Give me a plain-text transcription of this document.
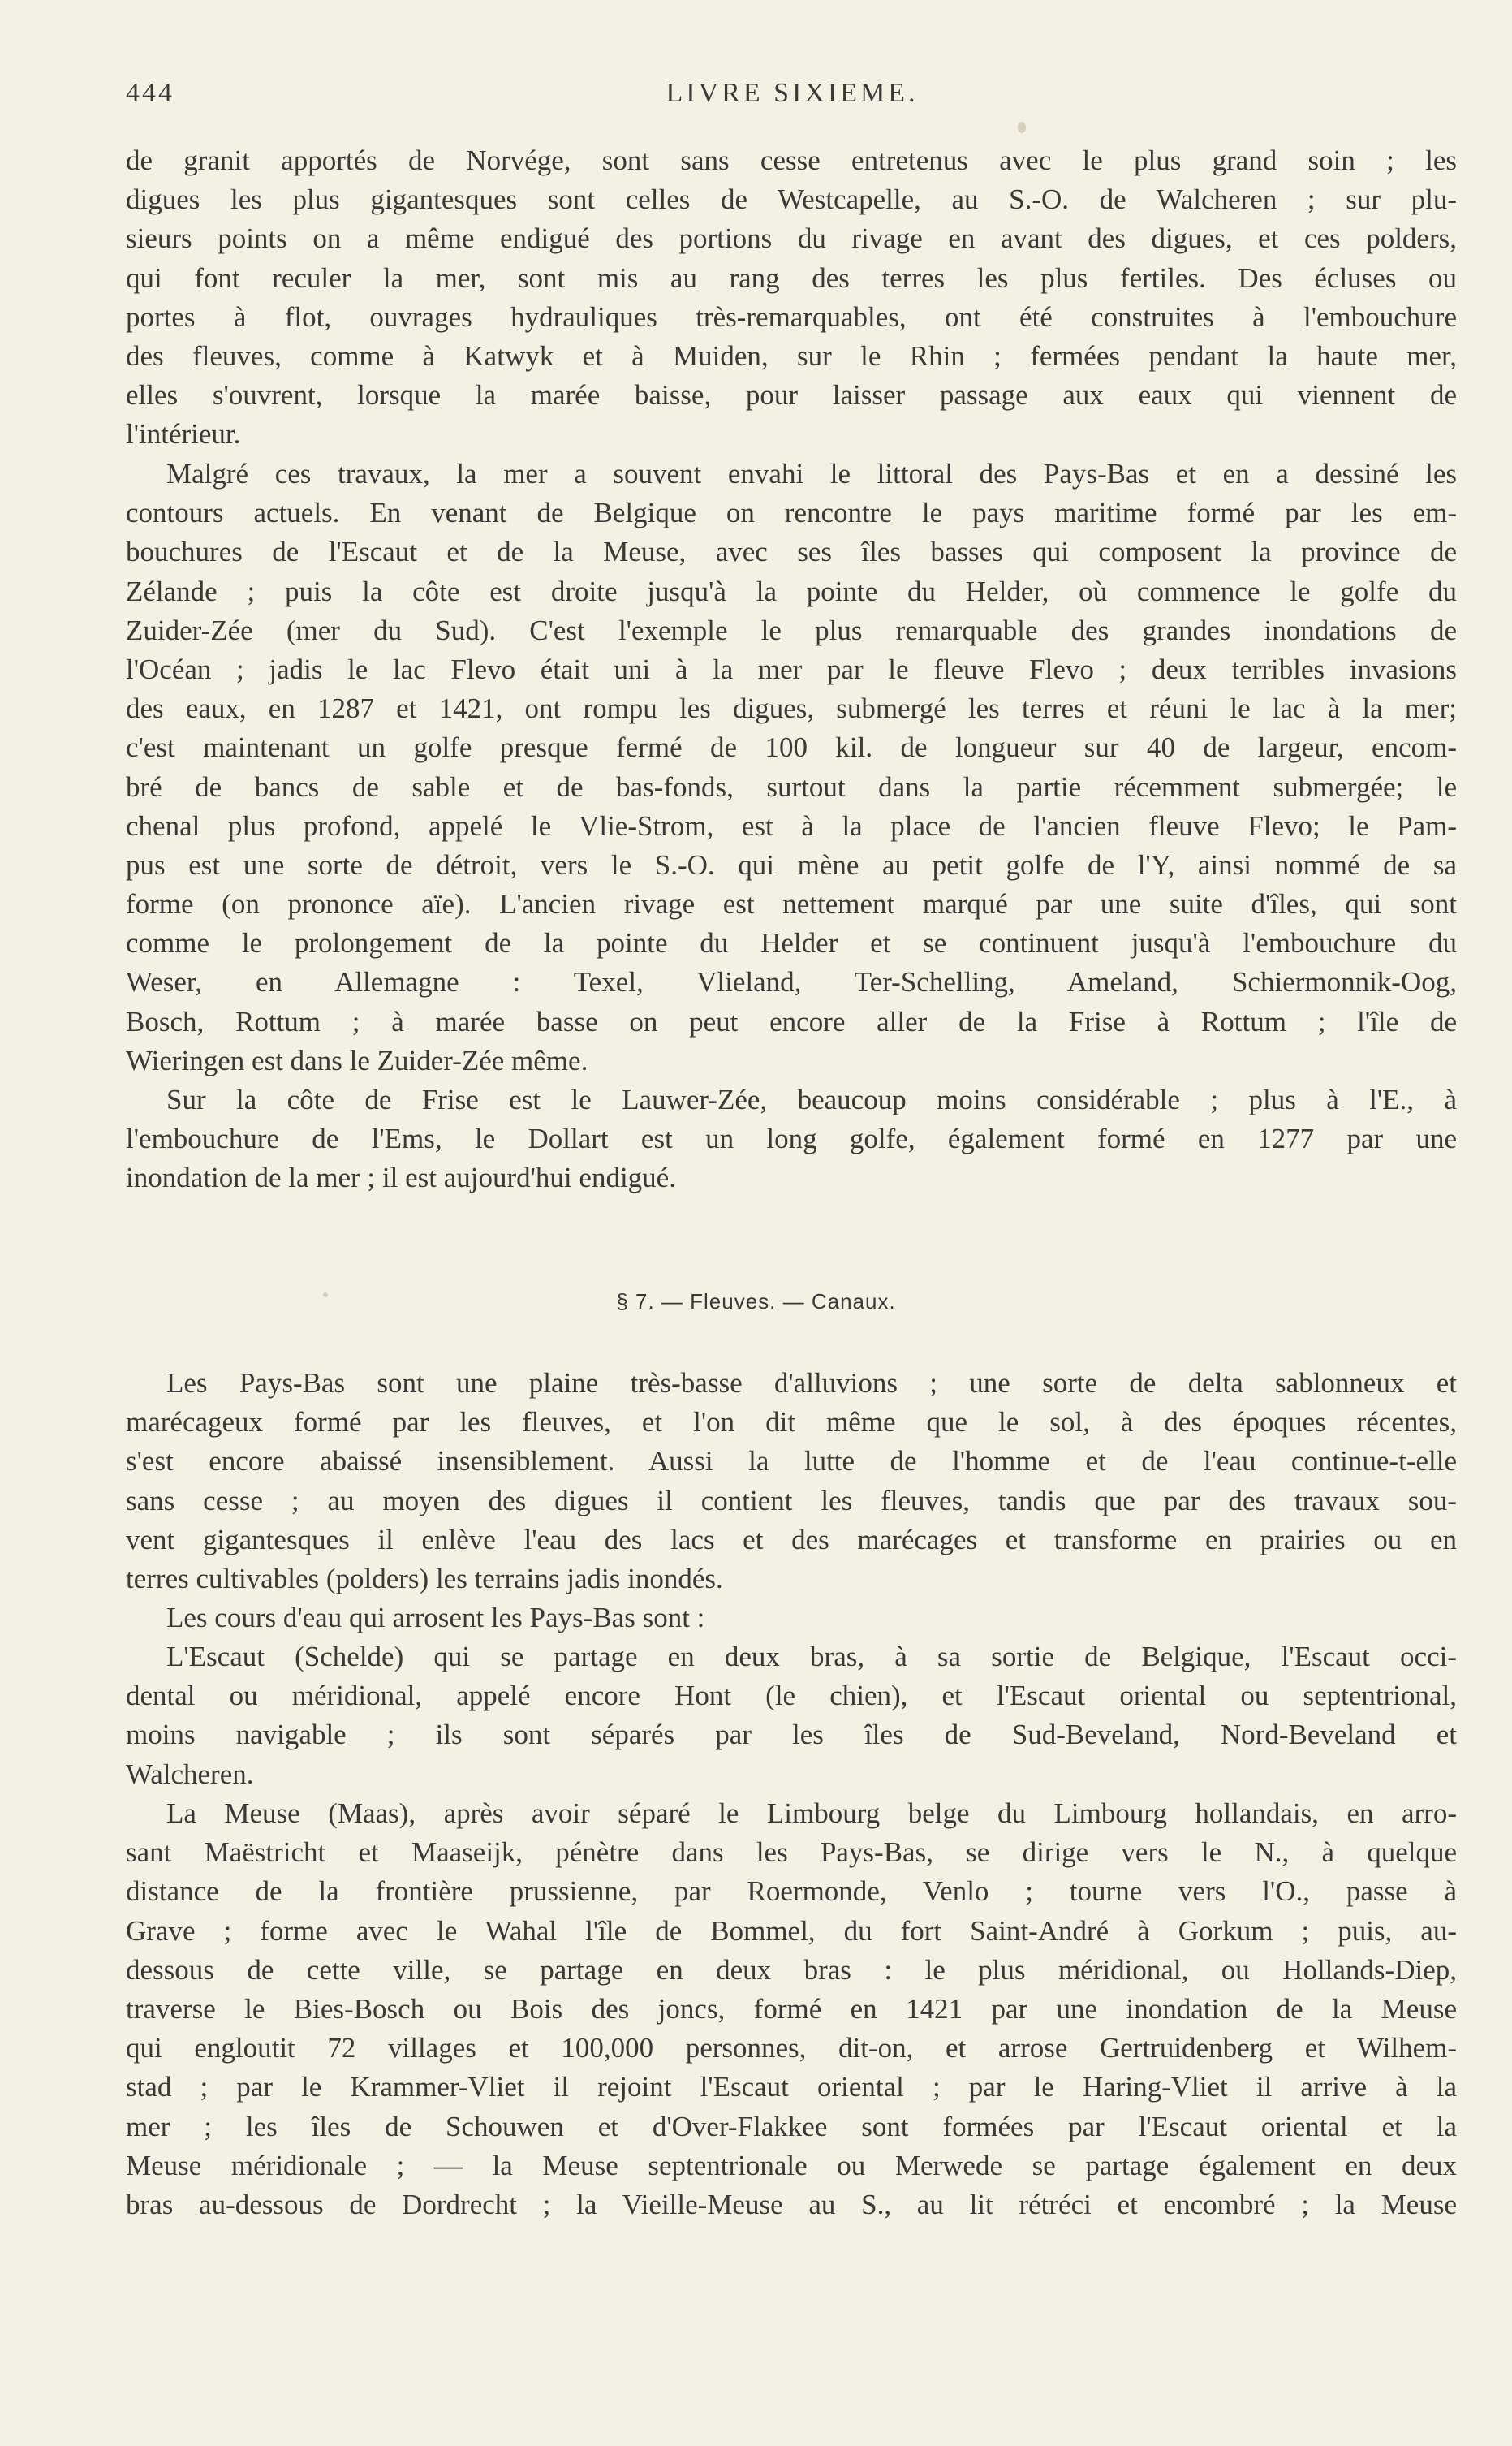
444	LIVRE SIXIEME.
de granit apportés de Norvége, sont sans cesse entretenus avec le plus grand soin ; les
digues les plus gigantesques sont celles de Westcapelle, au S.-O. de Walcheren ; sur plu-
sieurs points on a même endigué des portions du rivage en avant des digues, et ces polders,
qui font reculer la mer, sont mis au rang des terres les plus fertiles. Des écluses ou
portes à flot, ouvrages hydrauliques très-remarquables, ont été construites à l'embouchure
des fleuves, comme à Katwyk et à Muiden, sur le Rhin ; fermées pendant la haute mer,
elles s'ouvrent, lorsque la marée baisse, pour laisser passage aux eaux qui viennent de
l'intérieur.
Malgré ces travaux, la mer a souvent envahi le littoral des Pays-Bas et en a dessiné les
contours actuels. En venant de Belgique on rencontre le pays maritime formé par les em-
bouchures de l'Escaut et de la Meuse, avec ses îles basses qui composent la province de
Zélande ; puis la côte est droite jusqu'à la pointe du Helder, où commence le golfe du
Zuider-Zée (mer du Sud). C'est l'exemple le plus remarquable des grandes inondations de
l'Océan ; jadis le lac Flevo était uni à la mer par le fleuve Flevo ; deux terribles invasions
des eaux, en 1287 et 1421, ont rompu les digues, submergé les terres et réuni le lac à la mer;
c'est maintenant un golfe presque fermé de 100 kil. de longueur sur 40 de largeur, encom-
bré de bancs de sable et de bas-fonds, surtout dans la partie récemment submergée; le
chenal plus profond, appelé le Vlie-Strom, est à la place de l'ancien fleuve Flevo; le Pam-
pus est une sorte de détroit, vers le S.-O. qui mène au petit golfe de l'Y, ainsi nommé de sa
forme (on prononce aïe). L'ancien rivage est nettement marqué par une suite d'îles, qui sont
comme le prolongement de la pointe du Helder et se continuent jusqu'à l'embouchure du
Weser, en Allemagne : Texel, Vlieland, Ter-Schelling, Ameland, Schiermonnik-Oog,
Bosch, Rottum ; à marée basse on peut encore aller de la Frise à Rottum ; l'île de
Wieringen est dans le Zuider-Zée même.
Sur la côte de Frise est le Lauwer-Zée, beaucoup moins considérable ; plus à l'E., à
l'embouchure de l'Ems, le Dollart est un long golfe, également formé en 1277 par une
inondation de la mer ; il est aujourd'hui endigué.
§ 7. — Fleuves. — Canaux.
Les Pays-Bas sont une plaine très-basse d'alluvions ; une sorte de delta sablonneux et
marécageux formé par les fleuves, et l'on dit même que le sol, à des époques récentes,
s'est encore abaissé insensiblement. Aussi la lutte de l'homme et de l'eau continue-t-elle
sans cesse ; au moyen des digues il contient les fleuves, tandis que par des travaux sou-
vent gigantesques il enlève l'eau des lacs et des marécages et transforme en prairies ou en
terres cultivables (polders) les terrains jadis inondés.
Les cours d'eau qui arrosent les Pays-Bas sont :
L'Escaut (Schelde) qui se partage en deux bras, à sa sortie de Belgique, l'Escaut occi-
dental ou méridional, appelé encore Hont (le chien), et l'Escaut oriental ou septentrional,
moins navigable ; ils sont séparés par les îles de Sud-Beveland, Nord-Beveland et
Walcheren.
La Meuse (Maas), après avoir séparé le Limbourg belge du Limbourg hollandais, en arro-
sant Maëstricht et Maaseijk, pénètre dans les Pays-Bas, se dirige vers le N., à quelque
distance de la frontière prussienne, par Roermonde, Venlo ; tourne vers l'O., passe à
Grave ; forme avec le Wahal l'île de Bommel, du fort Saint-André à Gorkum ; puis, au-
dessous de cette ville, se partage en deux bras : le plus méridional, ou Hollands-Diep,
traverse le Bies-Bosch ou Bois des joncs, formé en 1421 par une inondation de la Meuse
qui engloutit 72 villages et 100,000 personnes, dit-on, et arrose Gertruidenberg et Wilhem-
stad ; par le Krammer-Vliet il rejoint l'Escaut oriental ; par le Haring-Vliet il arrive à la
mer ; les îles de Schouwen et d'Over-Flakkee sont formées par l'Escaut oriental et la
Meuse méridionale ; — la Meuse septentrionale ou Merwede se partage également en deux
bras au-dessous de Dordrecht ; la Vieille-Meuse au S., au lit rétréci et encombré ; la Meuse
